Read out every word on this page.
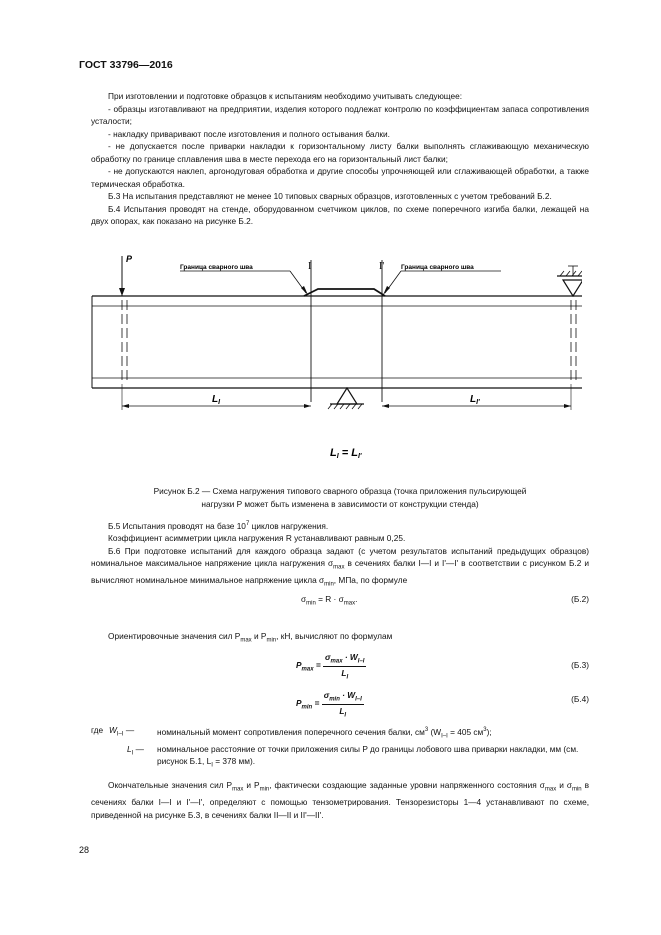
ГОСТ 33796—2016

При изготовлении и подготовке образцов к испытаниям необходимо учитывать следующее:

- образцы изготавливают на предприятии, изделия которого подлежат контролю по коэффициентам запаса сопротивления усталости;

- накладку приваривают после изготовления и полного остывания балки.

- не допускается после приварки накладки к горизонтальному листу балки выполнять сглаживающую механическую обработку по границе сплавления шва в месте перехода его на горизонтальный лист балки;

- не допускаются наклеп, аргонодуговая обработка и другие способы упрочняющей или сглаживающей обработки, а также термическая обработка.

Б.3 На испытания представляют не менее 10 типовых сварных образцов, изготовленных с учетом требований Б.2.

Б.4 Испытания проводят на стенде, оборудованном счетчиком циклов, по схеме поперечного изгиба балки, лежащей на двух опорах, как показано на рисунке Б.2.

P
I	I'
Граница сварного шва	Граница сварного шва
$L_I$	$L_{I'}$
LI = LI'
Рисунок Б.2 — Схема нагружения типового сварного образца (точка приложения пульсирующей
нагрузки P может быть изменена в зависимости от конструкции стенда)

Б.5 Испытания проводят на базе $10^7$ циклов нагружения.

Коэффициент асимметрии цикла нагружения R устанавливают равным 0,25.

Б.6 При подготовке испытаний для каждого образца задают (с учетом результатов испытаний предыдущих образцов) номинальное максимальное напряжение цикла нагружения $\sigma_{max}$ в сечениях балки I—I и I'—I' в соответствии с рисунком Б.2 и вычисляют номинальное минимальное напряжение цикла $\sigma_{min}$, МПа, по формуле

$\sigma_{min} = R \cdot \sigma_{max}$.	(Б.2)

Ориентировочные значения сил $P_{max}$ и $P_{min}$, кН, вычисляют по формулам

$P_{max} = \frac{\sigma_{max} \cdot W_{I-I}}{L_I}$	(Б.3)
$P_{min} = \frac{\sigma_{min} \cdot W_{I-I}}{L_I}$	(Б.4)
где	$W_{I-I}$ —	номинальный момент сопротивления поперечного сечения балки, $см^3$ ($W_{I-I} = 405$ $см^3$);
	$L_I$ —	номинальное расстояние от точки приложения силы P до границы лобового шва приварки накладки, мм (см. рисунок Б.1, $L_I = 378$ мм).

Окончательные значения сил $P_{max}$ и $P_{min}$, фактически создающие заданные уровни напряженного состояния $\sigma_{max}$ и $\sigma_{min}$ в сечениях балки I—I и I'—I', определяют с помощью тензометрирования. Тензорезисторы 1—4 устанавливают по схеме, приведенной на рисунке Б.3, в сечениях балки II—II и II'—II'.

28
